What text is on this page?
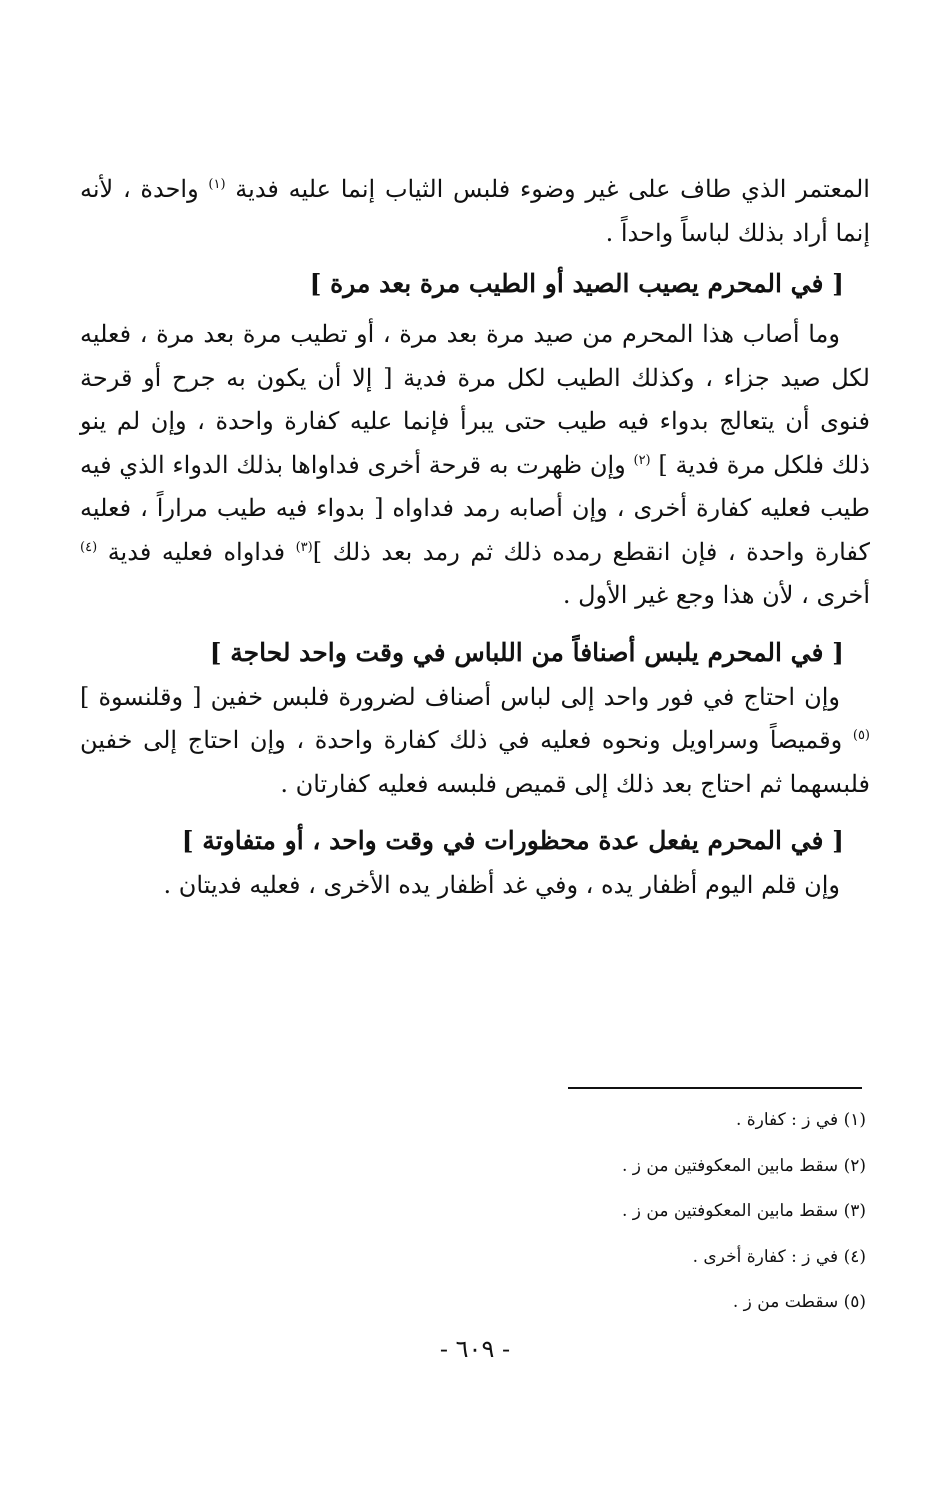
المعتمر الذي طاف على غير وضوء فلبس الثياب إنما عليه فدية $^{(١)}$ واحدة ، لأنه إنما أراد بذلك لباساً واحداً .

[ في المحرم يصيب الصيد أو الطيب مرة بعد مرة ]

وما أصاب هذا المحرم من صيد مرة بعد مرة ، أو تطيب مرة بعد مرة ، فعليه لكل صيد جزاء ، وكذلك الطيب لكل مرة فدية [ إلا أن يكون به جرح أو قرحة فنوى أن يتعالج بدواء فيه طيب حتى يبرأ فإنما عليه كفارة واحدة ، وإن لم ينو ذلك فلكل مرة فدية ] $^{(٢)}$ وإن ظهرت به قرحة أخرى فداواها بذلك الدواء الذي فيه طيب فعليه كفارة أخرى ، وإن أصابه رمد فداواه [ بدواء فيه طيب مراراً ، فعليه كفارة واحدة ، فإن انقطع رمده ذلك ثم رمد بعد ذلك ]$^{(٣)}$ فداواه فعليه فدية $^{(٤)}$ أخرى ، لأن هذا وجع غير الأول .

[ في المحرم يلبس أصنافاً من اللباس في وقت واحد لحاجة ]

وإن احتاج في فور واحد إلى لباس أصناف لضرورة فلبس خفين [ وقلنسوة ] $^{(٥)}$ وقميصاً وسراويل ونحوه فعليه في ذلك كفارة واحدة ، وإن احتاج إلى خفين فلبسهما ثم احتاج بعد ذلك إلى قميص فلبسه فعليه كفارتان .

[ في المحرم يفعل عدة محظورات في وقت واحد ، أو متفاوتة ]

وإن قلم اليوم أظفار يده ، وفي غد أظفار يده الأخرى ، فعليه فديتان .

(١) في ز : كفارة .
(٢) سقط مابين المعكوفتين من ز .
(٣) سقط مابين المعكوفتين من ز .
(٤) في ز : كفارة أخرى .
(٥) سقطت من ز .
- ٦٠٩ -
